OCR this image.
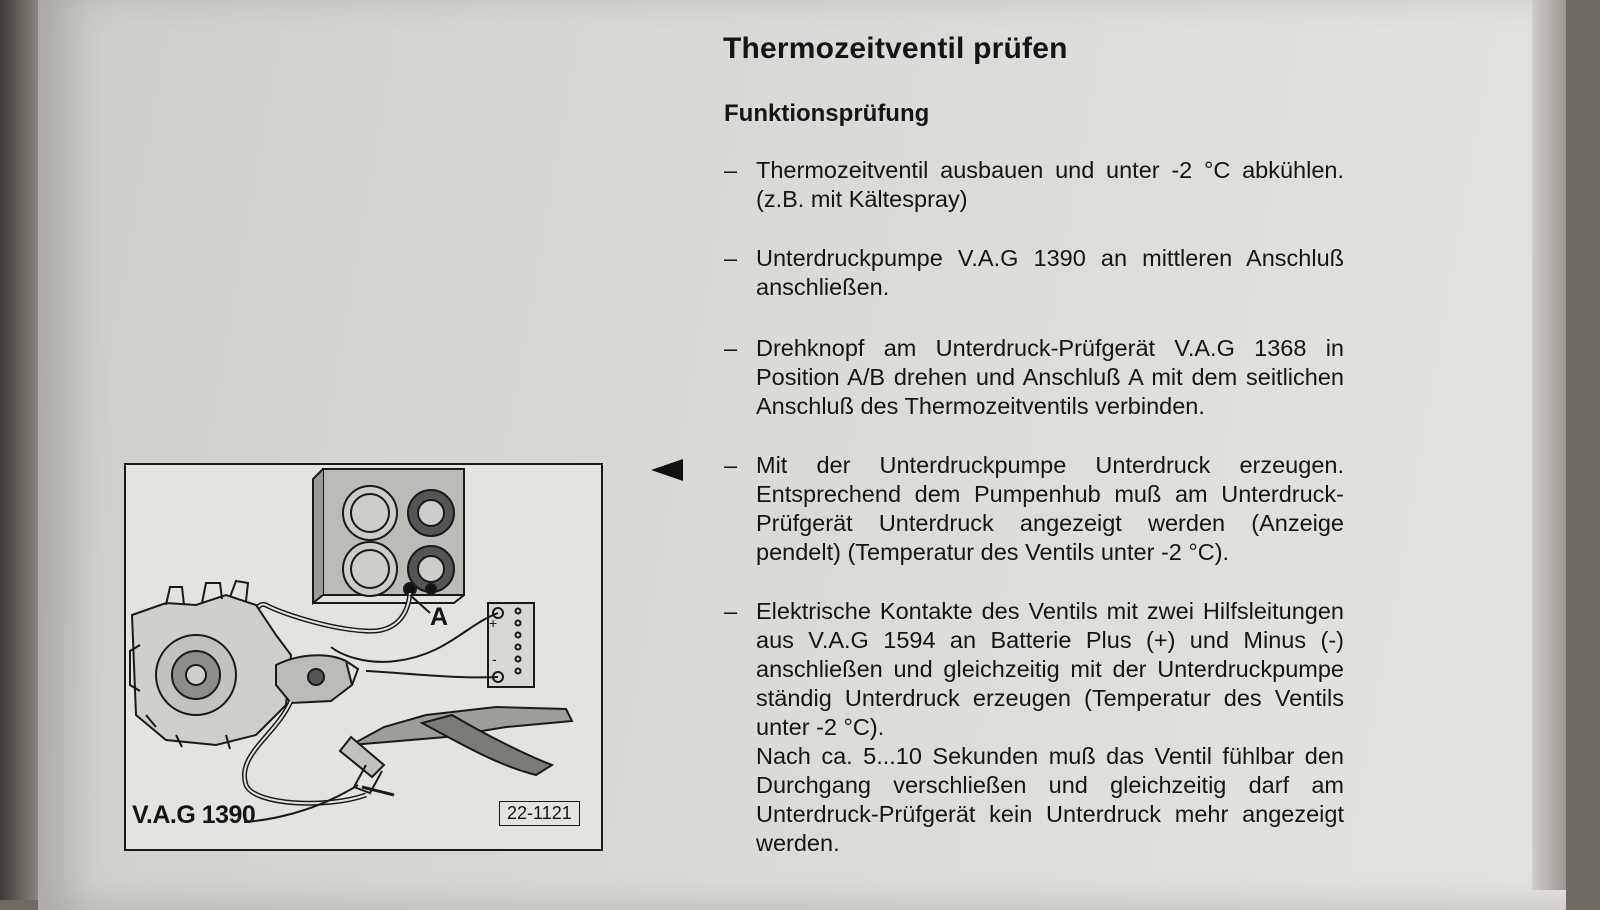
Thermozeitventil prüfen
Funktionsprüfung
– Thermozeitventil ausbauen und unter -2 °C abkühlen. (z.B. mit Kältespray)

– Unterdruckpumpe V.A.G 1390 an mittleren Anschluß anschließen.

– Drehknopf am Unterdruck-Prüfgerät V.A.G 1368 in Position A/B drehen und Anschluß A mit dem seitlichen Anschluß des Thermozeitventils verbinden.

– Mit der Unterdruckpumpe Unterdruck erzeugen. Entsprechend dem Pumpenhub muß am Unterdruck-Prüfgerät Unterdruck angezeigt werden (Anzeige pendelt) (Temperatur des Ventils unter -2 °C).

– Elektrische Kontakte des Ventils mit zwei Hilfsleitungen aus V.A.G 1594 an Batterie Plus (+) und Minus (-) anschließen und gleichzeitig mit der Unterdruckpumpe ständig Unterdruck erzeugen (Temperatur des Ventils unter -2 °C).

Nach ca. 5...10 Sekunden muß das Ventil fühlbar den Durchgang verschließen und gleichzeitig darf am Unterdruck-Prüfgerät kein Unterdruck mehr angezeigt werden.

A	+
-
V.A.G 1390	22-1121
